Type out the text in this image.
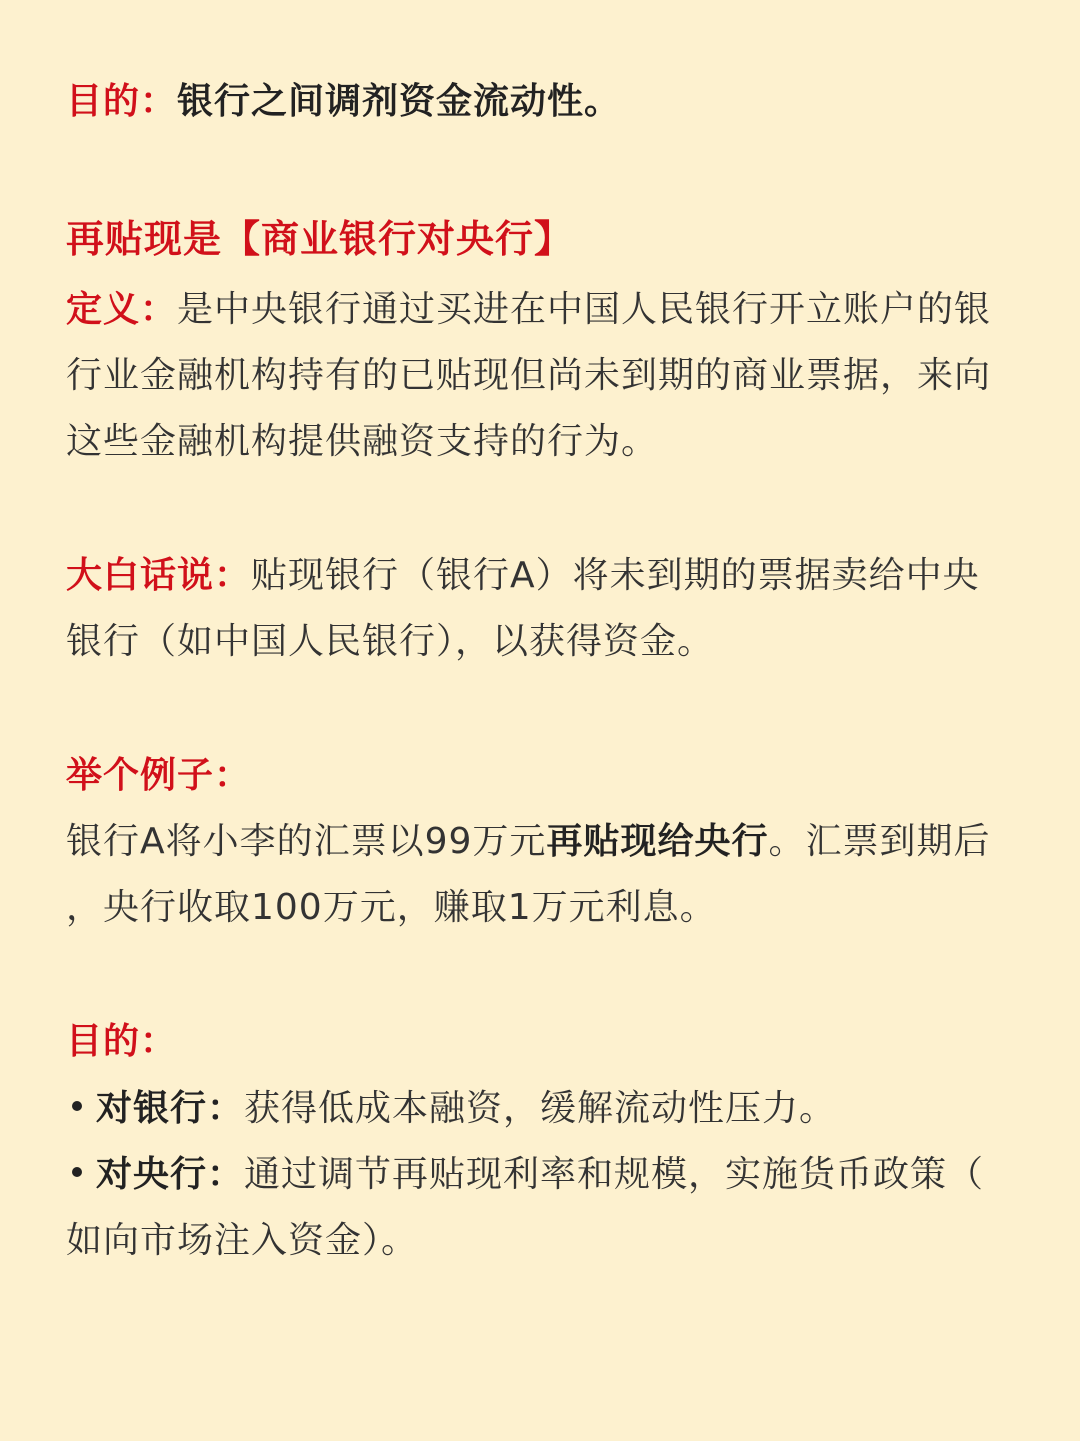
目的：银行之间调剂资金流动性。
再贴现是【商业银行对央行】
定义：是中央银行通过买进在中国人民银行开立账户的银
行业金融机构持有的已贴现但尚未到期的商业票据，来向
这些金融机构提供融资支持的行为。
大白话说：贴现银行（银行A）将未到期的票据卖给中央
银行（如中国人民银行），以获得资金。
举个例子：
银行A将小李的汇票以99万元再贴现给央行。汇票到期后
，央行收取100万元，赚取1万元利息。
目的：
对银行：获得低成本融资，缓解流动性压力。
对央行：通过调节再贴现利率和规模，实施货币政策（
如向市场注入资金）。
